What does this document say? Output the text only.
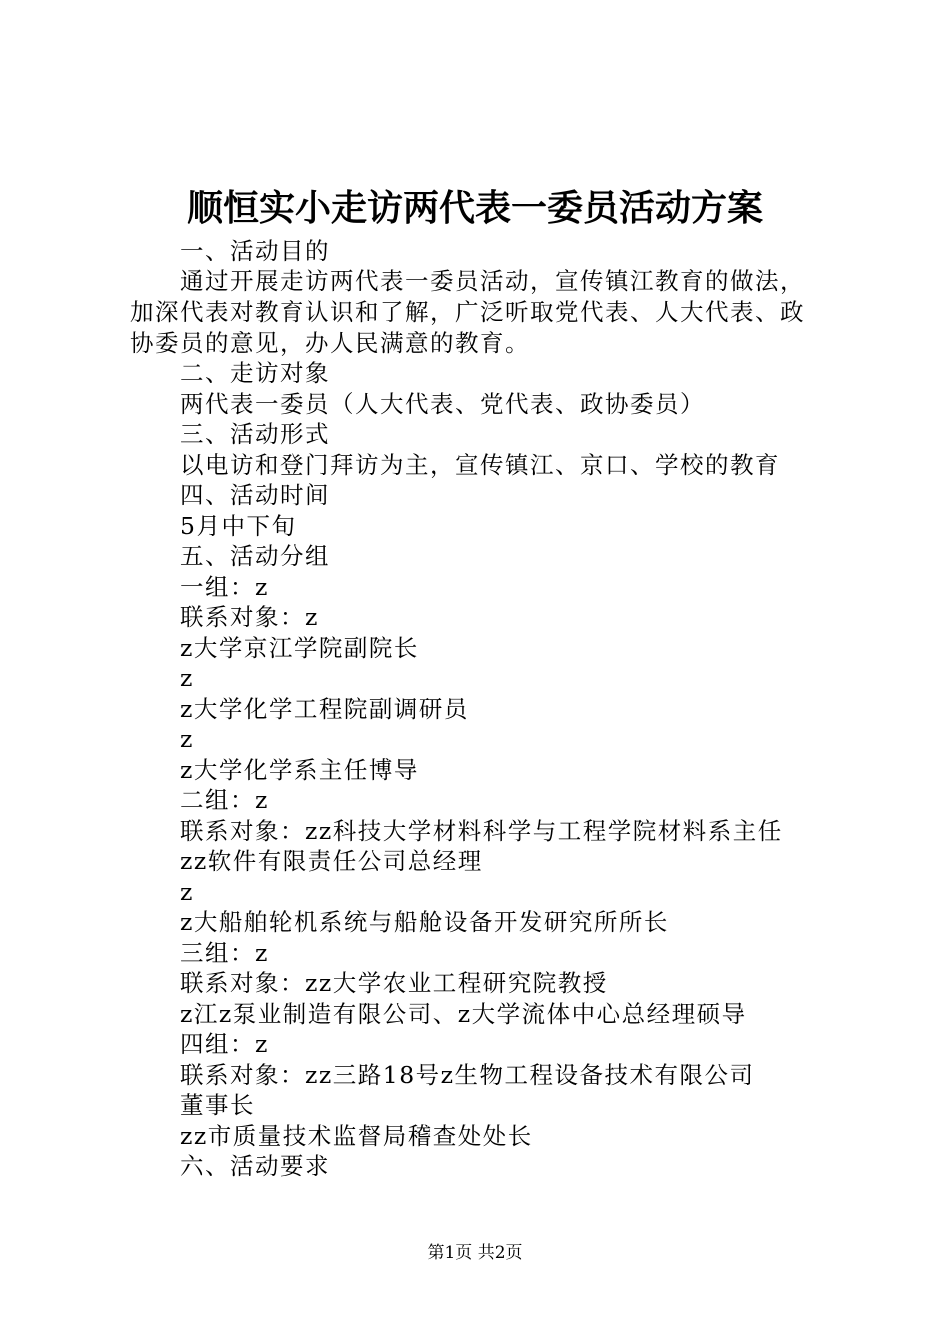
顺恒实小走访两代表一委员活动方案

一、活动目的

通过开展走访两代表一委员活动，宣传镇江教育的做法，

加深代表对教育认识和了解，广泛听取党代表、人大代表、政

协委员的意见，办人民满意的教育。

二、走访对象

两代表一委员（人大代表、党代表、政协委员）

三、活动形式

以电访和登门拜访为主，宣传镇江、京口、学校的教育

四、活动时间

5月中下旬

五、活动分组

一组：z

联系对象：z

z大学京江学院副院长

z

z大学化学工程院副调研员

z

z大学化学系主任博导

二组：z

联系对象：zz科技大学材料科学与工程学院材料系主任

zz软件有限责任公司总经理

z

z大船舶轮机系统与船舱设备开发研究所所长

三组：z

联系对象：zz大学农业工程研究院教授

z江z泵业制造有限公司、z大学流体中心总经理硕导

四组：z

联系对象：zz三路18号z生物工程设备技术有限公司

董事长

zz市质量技术监督局稽查处处长

六、活动要求

第1页 共2页
